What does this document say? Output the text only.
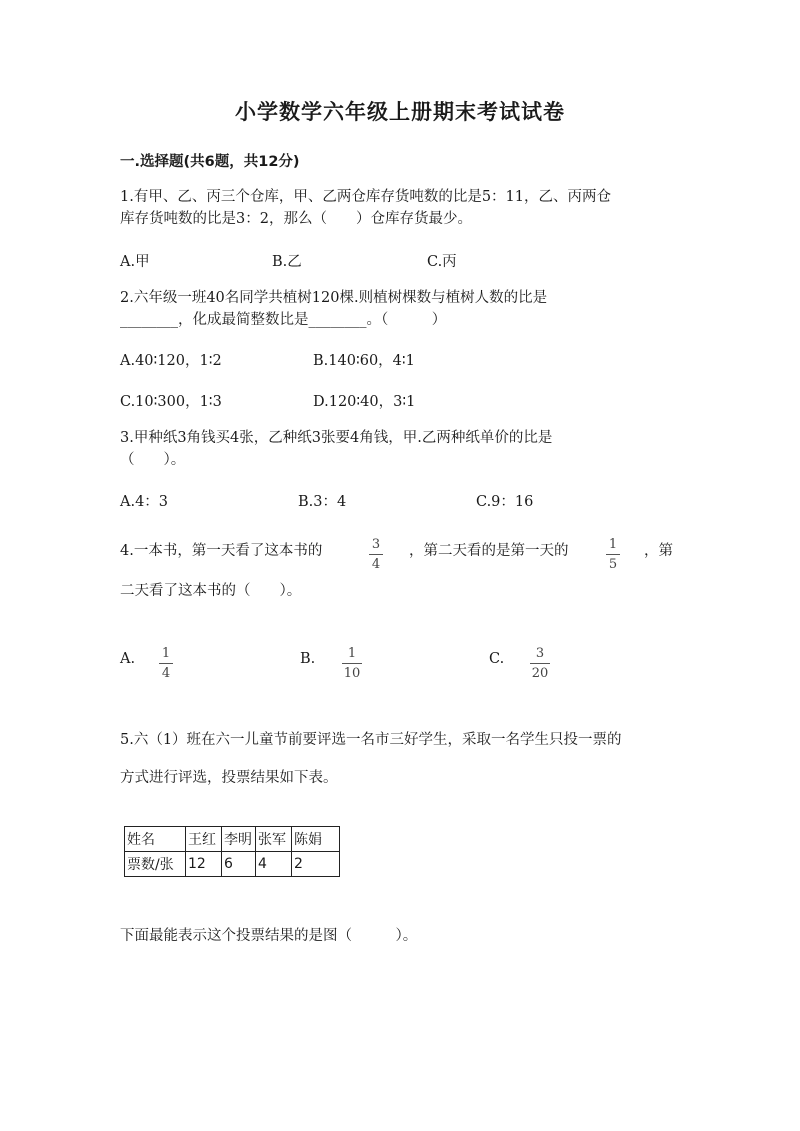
小学数学六年级上册期末考试试卷
一.选择题(共6题，共12分)
1.有甲、乙、丙三个仓库，甲、乙两仓库存货吨数的比是5：11，乙、丙两仓
库存货吨数的比是3：2，那么（　　）仓库存货最少。
A.甲	B.乙	C.丙
2.六年级一班40名同学共植树120棵.则植树棵数与植树人数的比是
________，化成最简整数比是________。（　　　）
A.40∶120，1∶2	B.140∶60，4∶1
C.10∶300，1∶3	D.120∶40，3∶1
3.甲种纸3角钱买4张，乙种纸3张要4角钱，甲.乙两种纸单价的比是
（　　）。
A.4：3	B.3：4	C.9：16
4.一本书，第一天看了这本书的	3
4
，第二天看的是第一天的	1
5
，第
二天看了这本书的（　　）。
A. 1
4
B.	1
10
C. 3
20
5.六（1）班在六一儿童节前要评选一名市三好学生，采取一名学生只投一票的
方式进行评选，投票结果如下表。
姓名	王红	李明	张军	陈娟
票数/张	12	6	4	2
下面最能表示这个投票结果的是图（　　　）。
